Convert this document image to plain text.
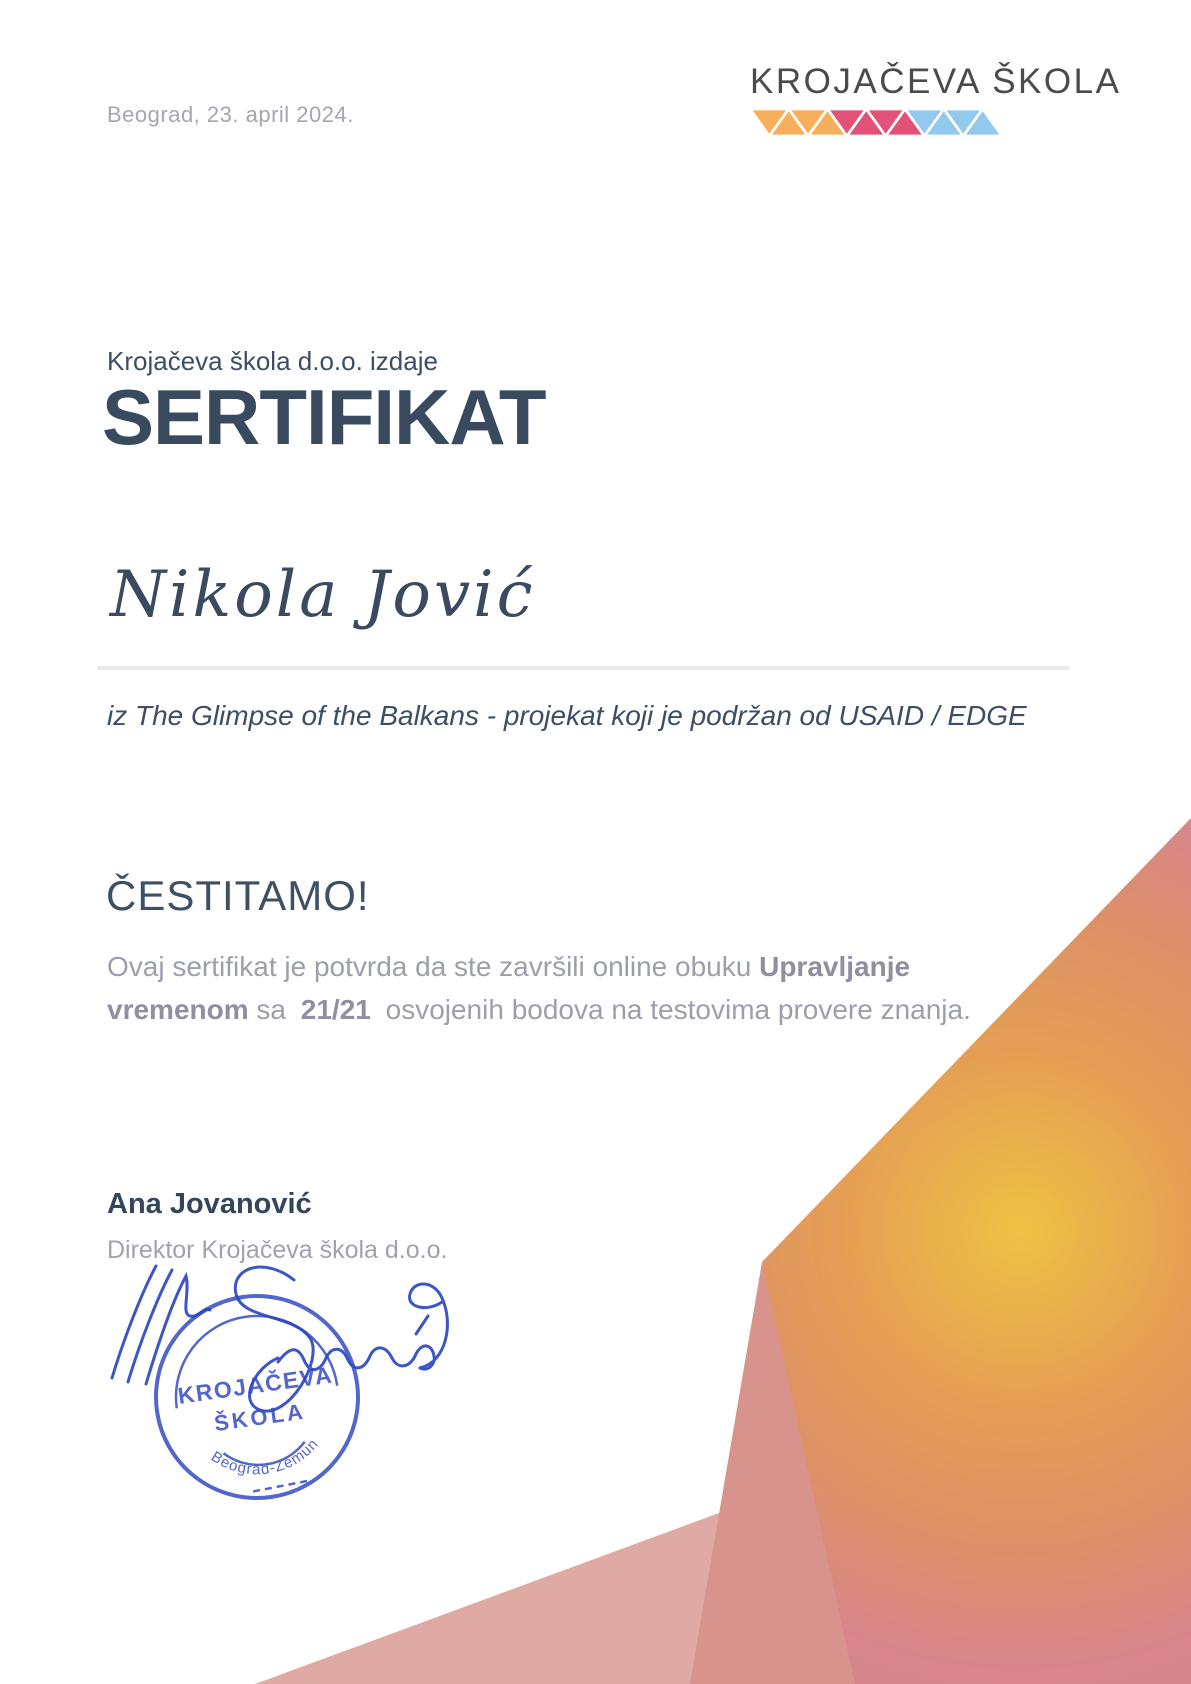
Beograd, 23. april 2024.
KROJAČEVA ŠKOLA
Krojačeva škola d.o.o. izdaje
SERTIFIKAT
Nikola Jović
iz The Glimpse of the Balkans - projekat koji je podržan od USAID / EDGE
ČESTITAMO!
Ovaj sertifikat je potvrda da ste završili online obuku Upravljanje vremenom sa 21/21 osvojenih bodova na testovima provere znanja.
Ana Jovanović
Direktor Krojačeva škola d.o.o.
KROJAČEVA
ŠKOLA
Beograd-Zemun
